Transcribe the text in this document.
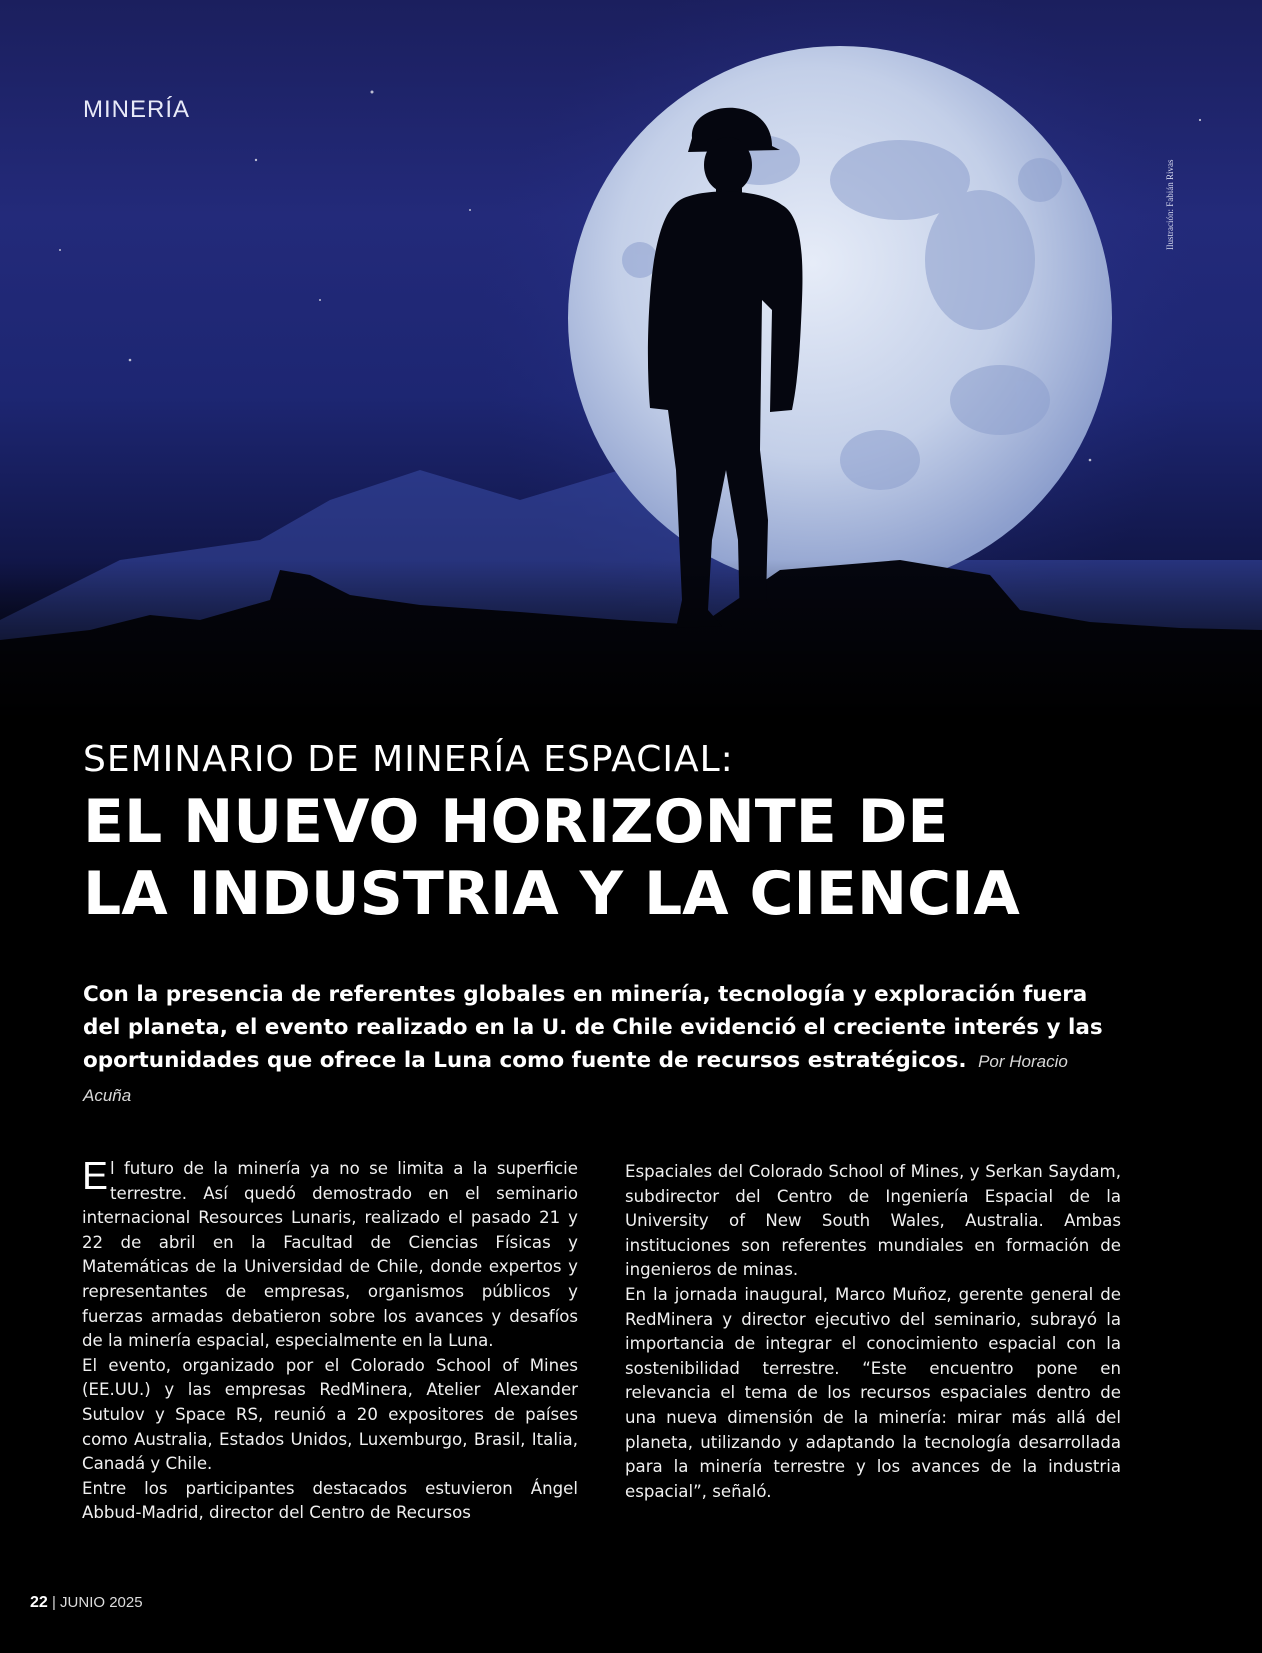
MINERÍA
Ilustración: Fabián Rivas
SEMINARIO DE MINERÍA ESPACIAL:
EL NUEVO HORIZONTE DE
LA INDUSTRIA Y LA CIENCIA

Con la presencia de referentes globales en minería, tecnología y exploración fuera del planeta, el evento realizado en la U. de Chile evidenció el creciente interés y las oportunidades que ofrece la Luna como fuente de recursos estratégicos. Por Horacio Acuña

El futuro de la minería ya no se limita a la superficie terrestre. Así quedó demostrado en el seminario internacional Resources Lunaris, realizado el pasado 21 y 22 de abril en la Facultad de Ciencias Físicas y Matemáticas de la Universidad de Chile, donde expertos y representantes de empresas, organismos públicos y fuerzas armadas debatieron sobre los avances y desafíos de la minería espacial, especialmente en la Luna.

El evento, organizado por el Colorado School of Mines (EE.UU.) y las empresas RedMinera, Atelier Alexander Sutulov y Space RS, reunió a 20 expositores de países como Australia, Estados Unidos, Luxemburgo, Brasil, Italia, Canadá y Chile.

Entre los participantes destacados estuvieron Ángel Abbud-Madrid, director del Centro de Recursos

Espaciales del Colorado School of Mines, y Serkan Saydam, subdirector del Centro de Ingeniería Espacial de la University of New South Wales, Australia. Ambas instituciones son referentes mundiales en formación de ingenieros de minas.

En la jornada inaugural, Marco Muñoz, gerente general de RedMinera y director ejecutivo del seminario, subrayó la importancia de integrar el conocimiento espacial con la sostenibilidad terrestre. “Este encuentro pone en relevancia el tema de los recursos espaciales dentro de una nueva dimensión de la minería: mirar más allá del planeta, utilizando y adaptando la tecnología desarrollada para la minería terrestre y los avances de la industria espacial”, señaló.

22 | JUNIO 2025
